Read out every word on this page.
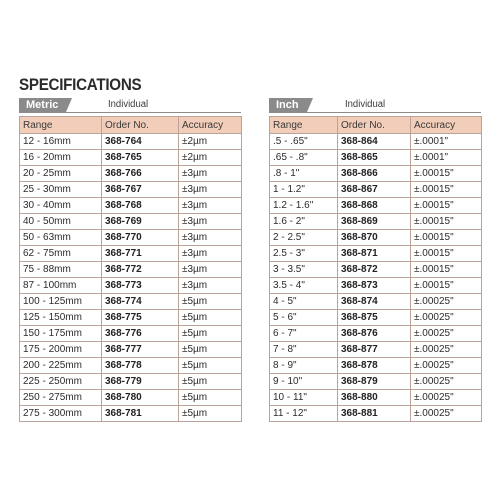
SPECIFICATIONS
Metric	Individual
Range	Order No.	Accuracy
12 - 16mm	368-764	±2µm
16 - 20mm	368-765	±2µm
20 - 25mm	368-766	±3µm
25 - 30mm	368-767	±3µm
30 - 40mm	368-768	±3µm
40 - 50mm	368-769	±3µm
50 - 63mm	368-770	±3µm
62 - 75mm	368-771	±3µm
75 - 88mm	368-772	±3µm
87 - 100mm	368-773	±3µm
100 - 125mm	368-774	±5µm
125 - 150mm	368-775	±5µm
150 - 175mm	368-776	±5µm
175 - 200mm	368-777	±5µm
200 - 225mm	368-778	±5µm
225 - 250mm	368-779	±5µm
250 - 275mm	368-780	±5µm
275 - 300mm	368-781	±5µm
Inch	Individual
Range	Order No.	Accuracy
.5 - .65"	368-864	±.0001"
.65 - .8"	368-865	±.0001"
.8 - 1"	368-866	±.00015"
1 - 1.2"	368-867	±.00015"
1.2 - 1.6"	368-868	±.00015"
1.6 - 2"	368-869	±.00015"
2 - 2.5"	368-870	±.00015"
2.5 - 3"	368-871	±.00015"
3 - 3.5"	368-872	±.00015"
3.5 - 4"	368-873	±.00015"
4 - 5"	368-874	±.00025"
5 - 6"	368-875	±.00025"
6 - 7"	368-876	±.00025"
7 - 8"	368-877	±.00025"
8 - 9"	368-878	±.00025"
9 - 10"	368-879	±.00025"
10 - 11"	368-880	±.00025"
11 - 12"	368-881	±.00025"
